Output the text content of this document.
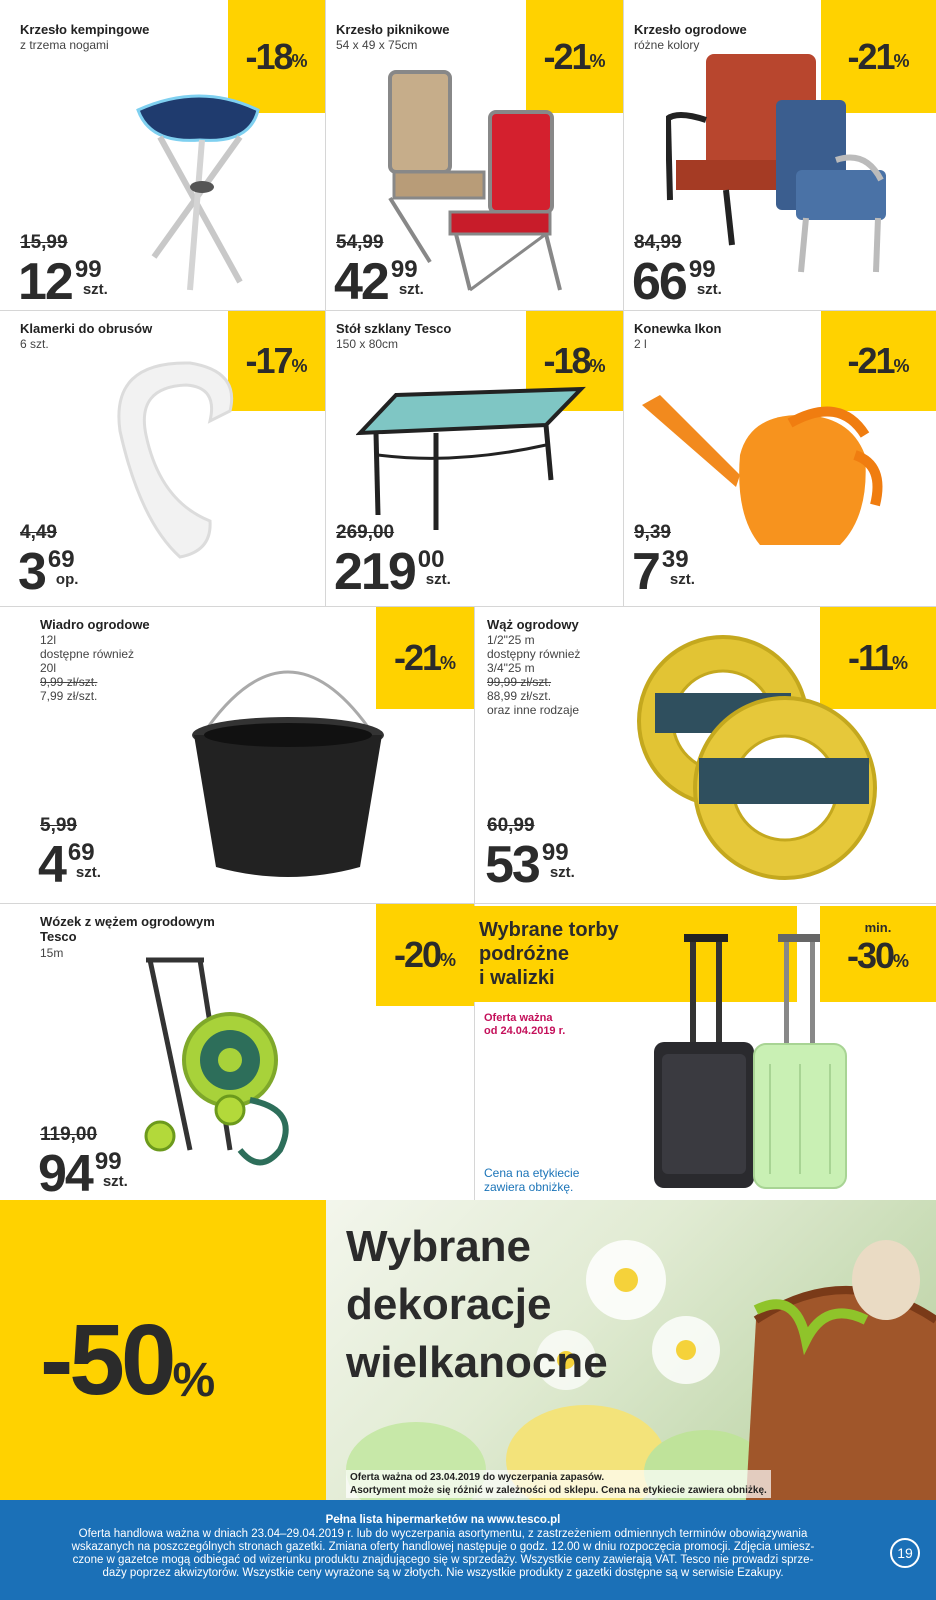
Krzesło kempingowe
z trzema nogami	-18 %
15,99
12 99
szt.
Krzesło piknikowe
54 x 49 x 75cm	-21 %
54,99
42 99
szt.
Krzesło ogrodowe
różne kolory	-21 %
84,99
66 99
szt.
Klamerki do obrusów
6 szt.	-17 %
4,49
3 69
op.
Stół szklany Tesco
150 x 80cm	-18 %
269,00
219 00
szt.
Konewka Ikon
2 l	-21 %
9,39
7 39
szt.
Wiadro ogrodowe
12l
dostępne również
20l
9,99 zł/szt.
7,99 zł/szt.
-21 %
5,99
4 69
szt.
Wąż ogrodowy
1/2"25 m
dostępny również
3/4"25 m
99,99 zł/szt.
88,99 zł/szt.
oraz inne rodzaje
-11 %
60,99
53 99
szt.
Wózek z wężem ogrodowym
Tesco
15m	-20 %
119,00
94 99
szt.
Wybrane torby
podróżne
i walizki
min.
-30 %
Oferta ważna
od 24.04.2019 r.
Cena na etykiecie
zawiera obniżkę.
-50 %
Wybrane
dekoracje
wielkanocne
Oferta ważna od 23.04.2019 do wyczerpania zapasów.
Asortyment może się różnić w zależności od sklepu. Cena na etykiecie zawiera obniżkę.
Pełna lista hipermarketów na www.tesco.pl
Oferta handlowa ważna w dniach 23.04–29.04.2019 r. lub do wyczerpania asortymentu, z zastrzeżeniem odmiennych terminów obowiązywania
wskazanych na poszczególnych stronach gazetki. Zmiana oferty handlowej następuje o godz. 12.00 w dniu rozpoczęcia promocji. Zdjęcia umiesz-
czone w gazetce mogą odbiegać od wizerunku produktu znajdującego się w sprzedaży. Wszystkie ceny zawierają VAT. Tesco nie prowadzi sprze-
daży poprzez akwizytorów. Wszystkie ceny wyrażone są w złotych. Nie wszystkie produkty z gazetki dostępne są w serwisie Ezakupy.
19
